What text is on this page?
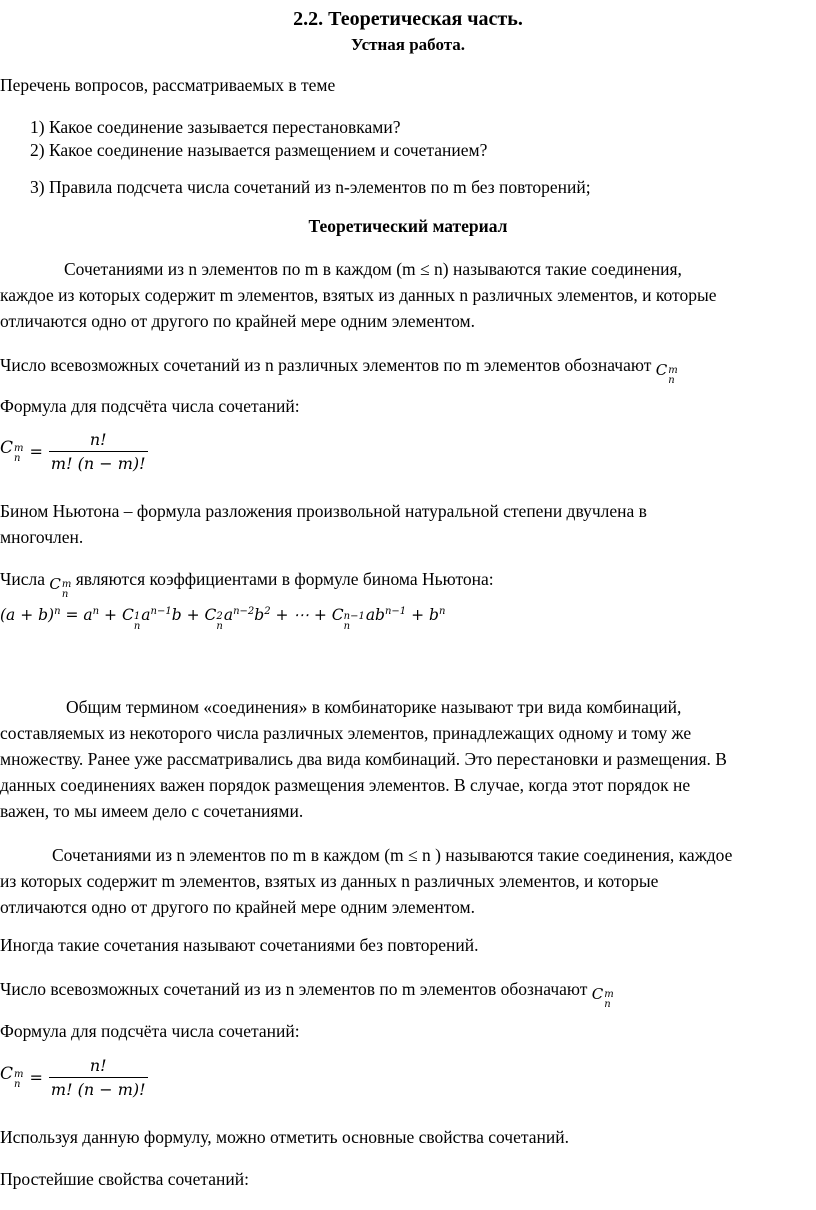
2.2. Теоретическая часть.

Устная работа.

Перечень вопросов, рассматриваемых в теме

1) Какое соединение зазывается перестановками?

2) Какое соединение называется размещением и сочетанием?

3) Правила подсчета числа сочетаний из n-элементов по m без повторений;

Теоретический материал

Сочетаниями из n элементов по m в каждом (m ≤ n) называются такие соединения,

каждое из которых содержит m элементов, взятых из данных n различных элементов, и которые

отличаются одно от другого по крайней мере одним элементом.

Число всевозможных сочетаний из n различных элементов по m элементов обозначают C m
n

Формула для подсчёта числа сочетаний:

C m
$n = \frac{n!}{m! (n - m)!}$

Бином Ньютона – формула разложения произвольной натуральной степени двучлена в

многочлен.

Числа C m
n
являются коэффициентами в формуле бинома Ньютона:

$(a + b)^n = a^n + C$ 1
n
$a^{n-1}b + C$ 2
n
$a^{n-2}b^2$ + ⋯ + C n−1
n
$ab^{n-1} + b^n$

Общим термином «соединения» в комбинаторике называют три вида комбинаций,

составляемых из некоторого числа различных элементов, принадлежащих одному и тому же

множеству. Ранее уже рассматривались два вида комбинаций. Это перестановки и размещения. В

данных соединениях важен порядок размещения элементов. В случае, когда этот порядок не

важен, то мы имеем дело с сочетаниями.

Сочетаниями из n элементов по m в каждом (m ≤ n ) называются такие соединения, каждое

из которых содержит m элементов, взятых из данных n различных элементов, и которые

отличаются одно от другого по крайней мере одним элементом.

Иногда такие сочетания называют сочетаниями без повторений.

Число всевозможных сочетаний из из n элементов по m элементов обозначают C m
n

Формула для подсчёта числа сочетаний:

C m
$n = \frac{n!}{m! (n - m)!}$

Используя данную формулу, можно отметить основные свойства сочетаний.

Простейшие свойства сочетаний:
